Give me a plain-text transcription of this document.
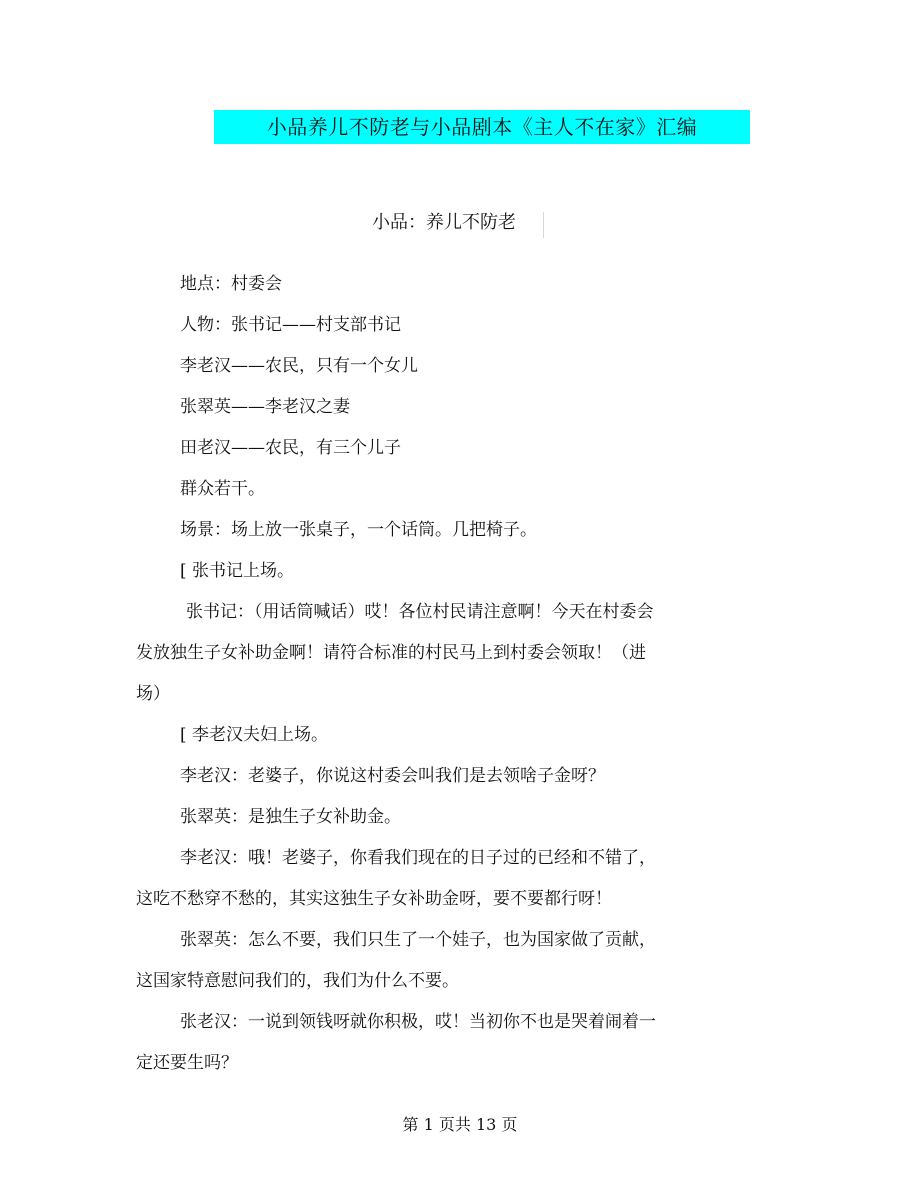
小品养儿不防老与小品剧本《主人不在家》汇编
小品：养儿不防老
地点：村委会
人物：张书记——村支部书记
李老汉——农民，只有一个女儿
张翠英——李老汉之妻
田老汉——农民，有三个儿子
群众若干。
场景：场上放一张桌子，一个话筒。几把椅子。
[ 张书记上场。
张书记：（用话筒喊话）哎！各位村民请注意啊！今天在村委会
发放独生子女补助金啊！请符合标准的村民马上到村委会领取！（进
场）
[ 李老汉夫妇上场。
李老汉：老婆子，你说这村委会叫我们是去领啥子金呀？
张翠英：是独生子女补助金。
李老汉：哦！老婆子，你看我们现在的日子过的已经和不错了，
这吃不愁穿不愁的，其实这独生子女补助金呀，要不要都行呀！
张翠英：怎么不要，我们只生了一个娃子，也为国家做了贡献，
这国家特意慰问我们的，我们为什么不要。
张老汉：一说到领钱呀就你积极，哎！当初你不也是哭着闹着一
定还要生吗？
第 1 页共 13 页
